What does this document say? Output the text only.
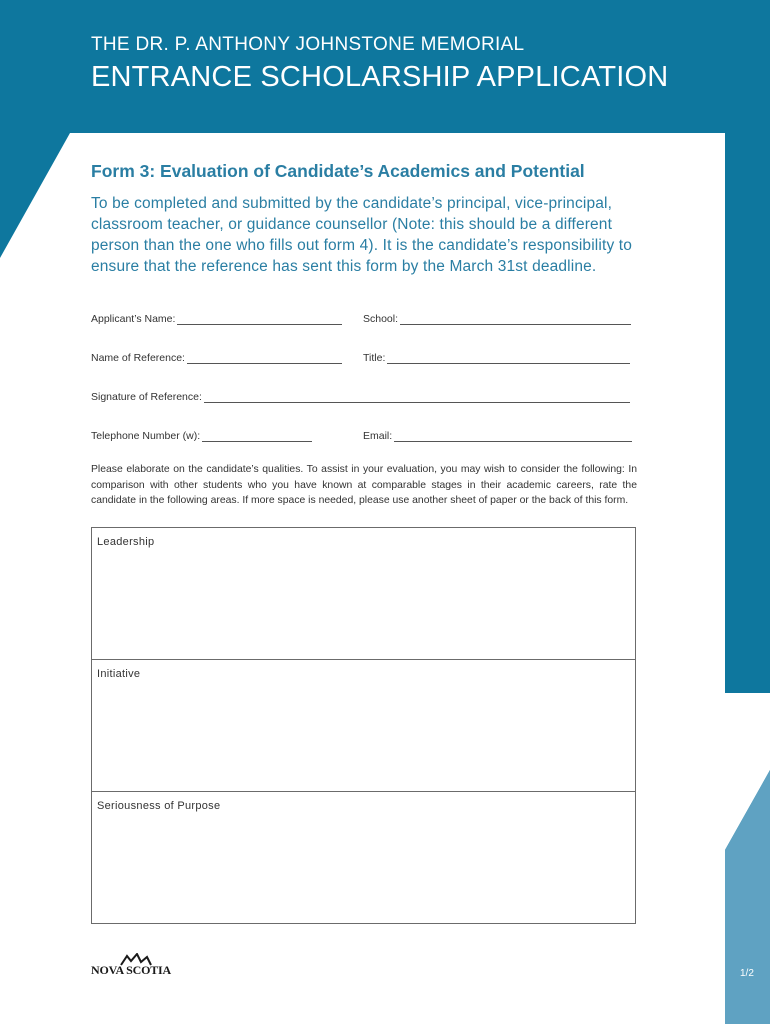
THE DR. P. ANTHONY JOHNSTONE MEMORIAL
ENTRANCE SCHOLARSHIP APPLICATION
Form 3: Evaluation of Candidate’s Academics and Potential
To be completed and submitted by the candidate’s principal, vice-principal, classroom teacher, or guidance counsellor (Note: this should be a different person than the one who fills out form 4). It is the candidate’s responsibility to ensure that the reference has sent this form by the March 31st deadline.
Applicant’s Name:	School:
Name of Reference:	Title:
Signature of Reference:
Telephone Number (w):	Email:
Please elaborate on the candidate’s qualities. To assist in your evaluation, you may wish to consider the following: In comparison with other students who you have known at comparable stages in their academic careers, rate the candidate in the following areas. If more space is needed, please use another sheet of paper or the back of this form.
Leadership
Initiative
Seriousness of Purpose
NOVA SCOTIA	1/2
